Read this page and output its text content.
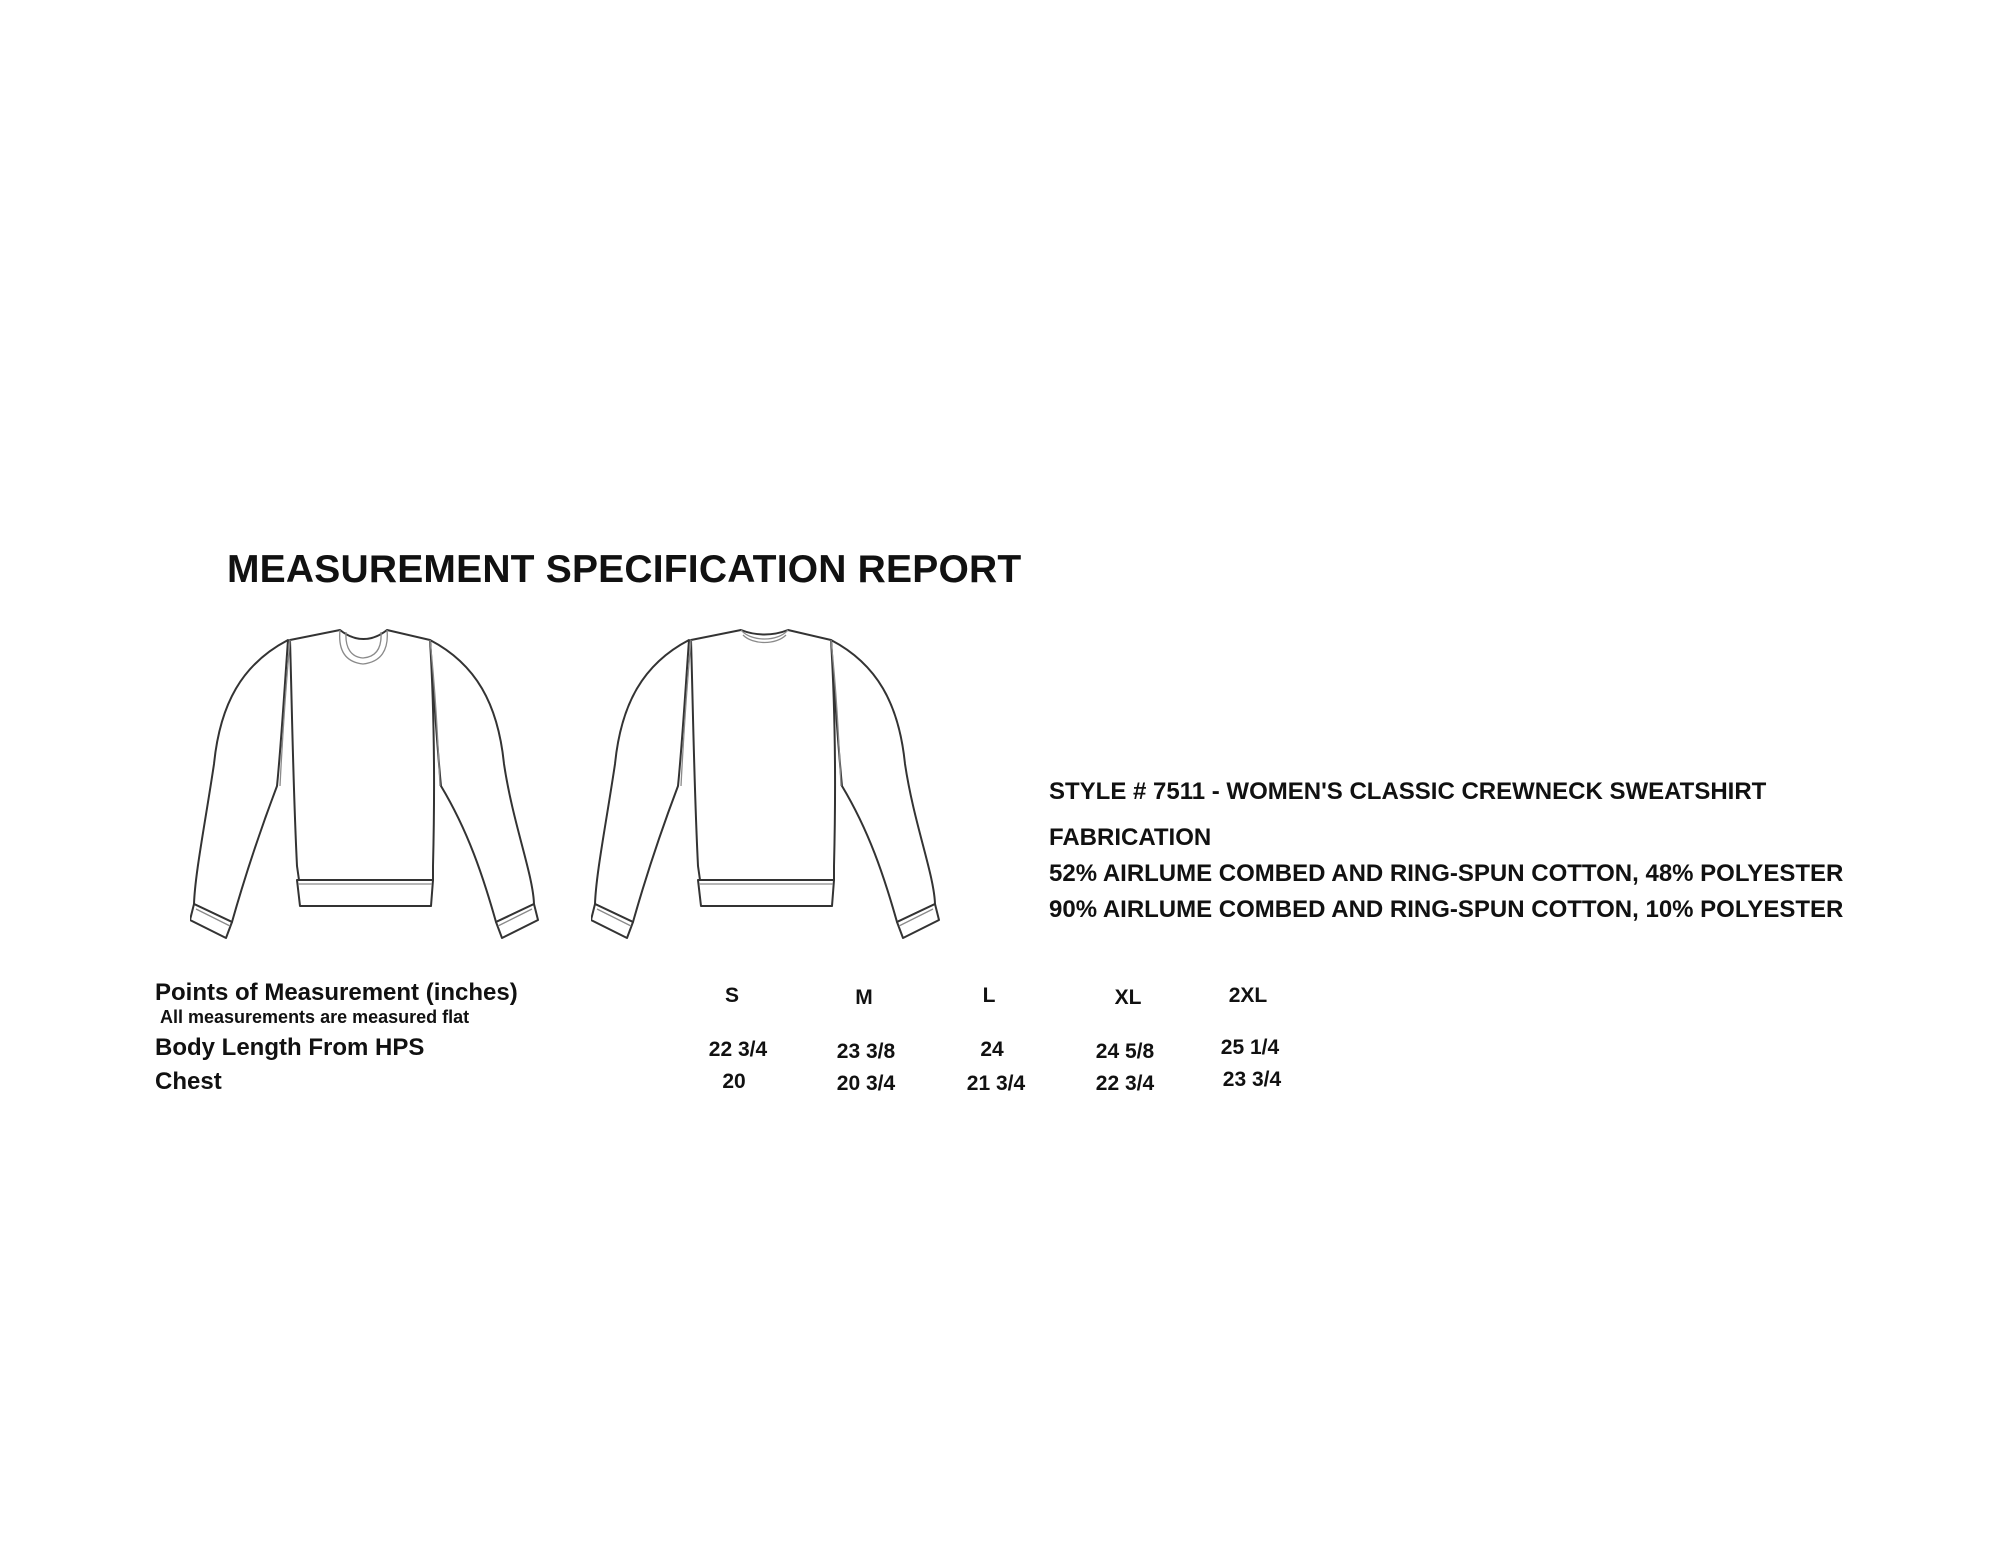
MEASUREMENT SPECIFICATION REPORT
STYLE # 7511 - WOMEN'S CLASSIC CREWNECK SWEATSHIRT
FABRICATION
52% AIRLUME COMBED AND RING-SPUN COTTON, 48% POLYESTER
90% AIRLUME COMBED AND RING-SPUN COTTON, 10% POLYESTER
Points of Measurement (inches)
All measurements are measured flat
S	M	L	XL	2XL
Body Length From HPS	22 3/4	23 3/8	24	24 5/8	25 1/4
Chest	20	20 3/4	21 3/4	22 3/4	23 3/4
